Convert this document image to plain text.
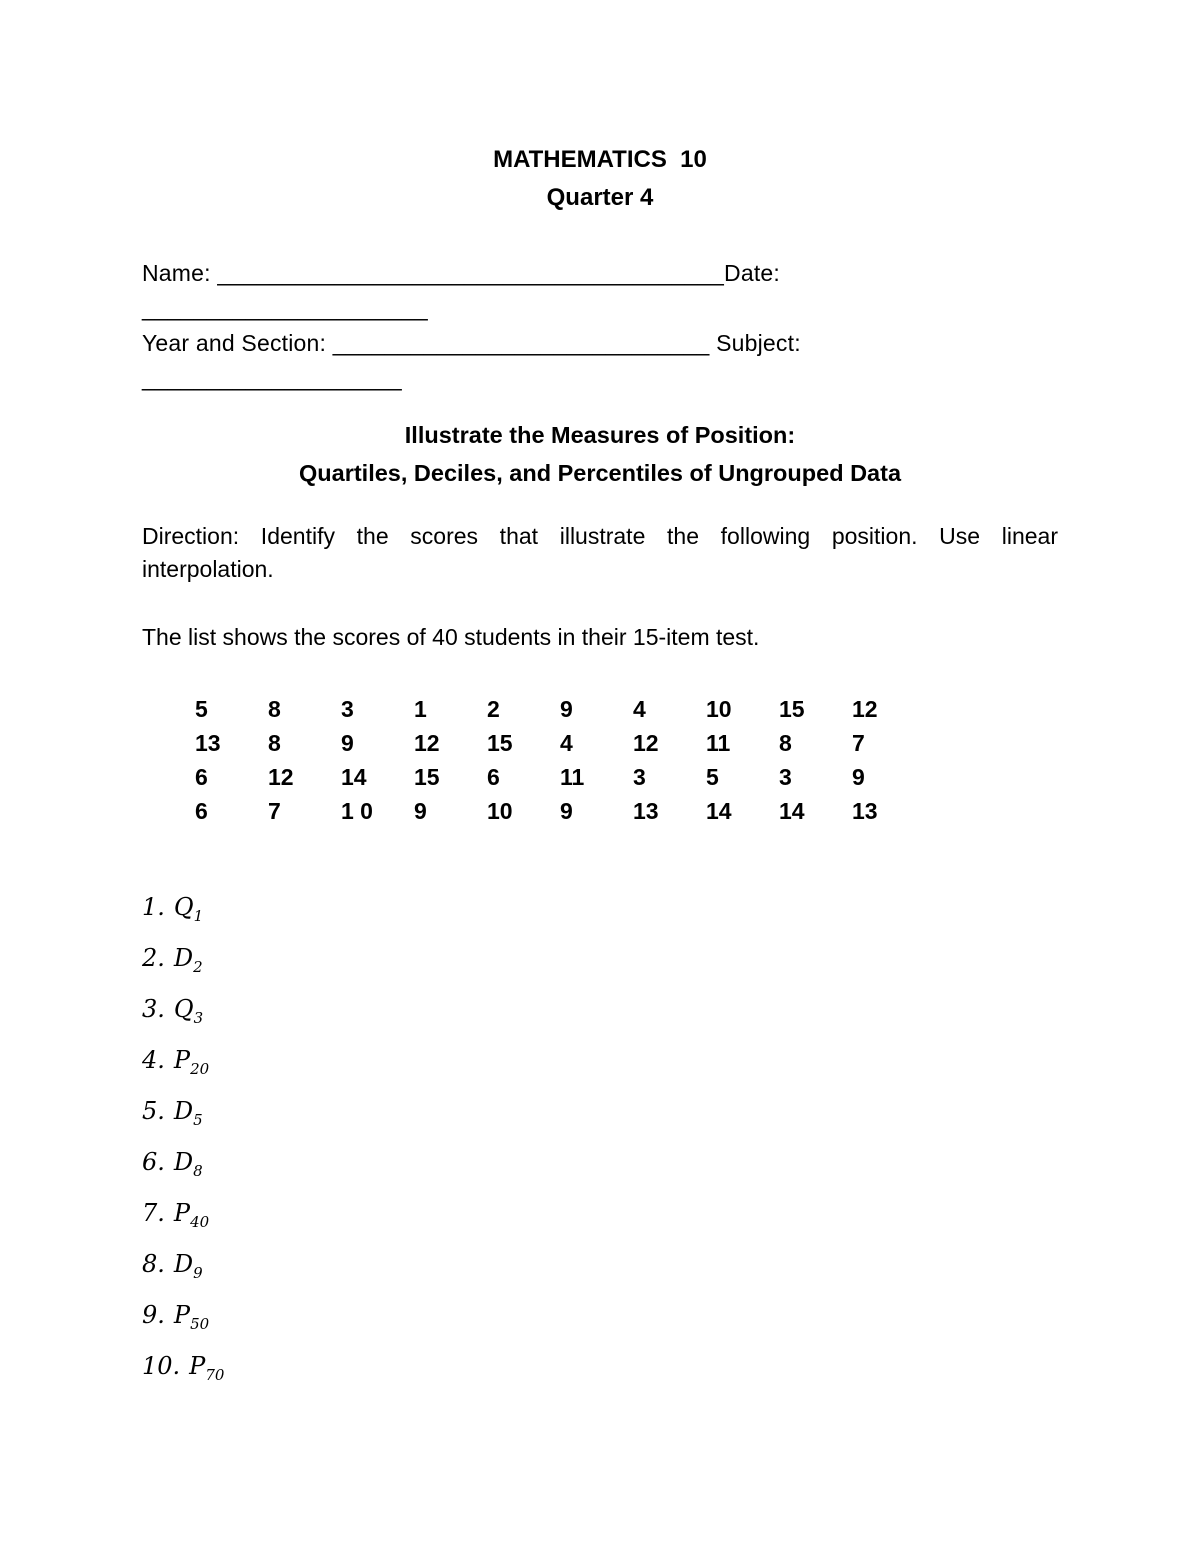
MATHEMATICS  10
Quarter 4
Name: _______________________________________Date: ______________________
Year and Section: _____________________________ Subject: ____________________
Illustrate the Measures of Position:
Quartiles, Deciles, and Percentiles of Ungrouped Data
Direction: Identify the scores that illustrate the following position. Use linear
interpolation.
The list shows the scores of 40 students in their 15-item test.
5	8	3	1	2	9	4	10	15	12
13	8	9	12	15	4	12	11	8	7
6	12	14	15	6	11	3	5	3	9
6	7	1 0	9	10	9	13	14	14	13
1. $Q_1$
2. $D_2$
3. $Q_3$
4. $P_{20}$
5. $D_5$
6. $D_8$
7. $P_{40}$
8. $D_9$
9. $P_{50}$
10. $P_{70}$
